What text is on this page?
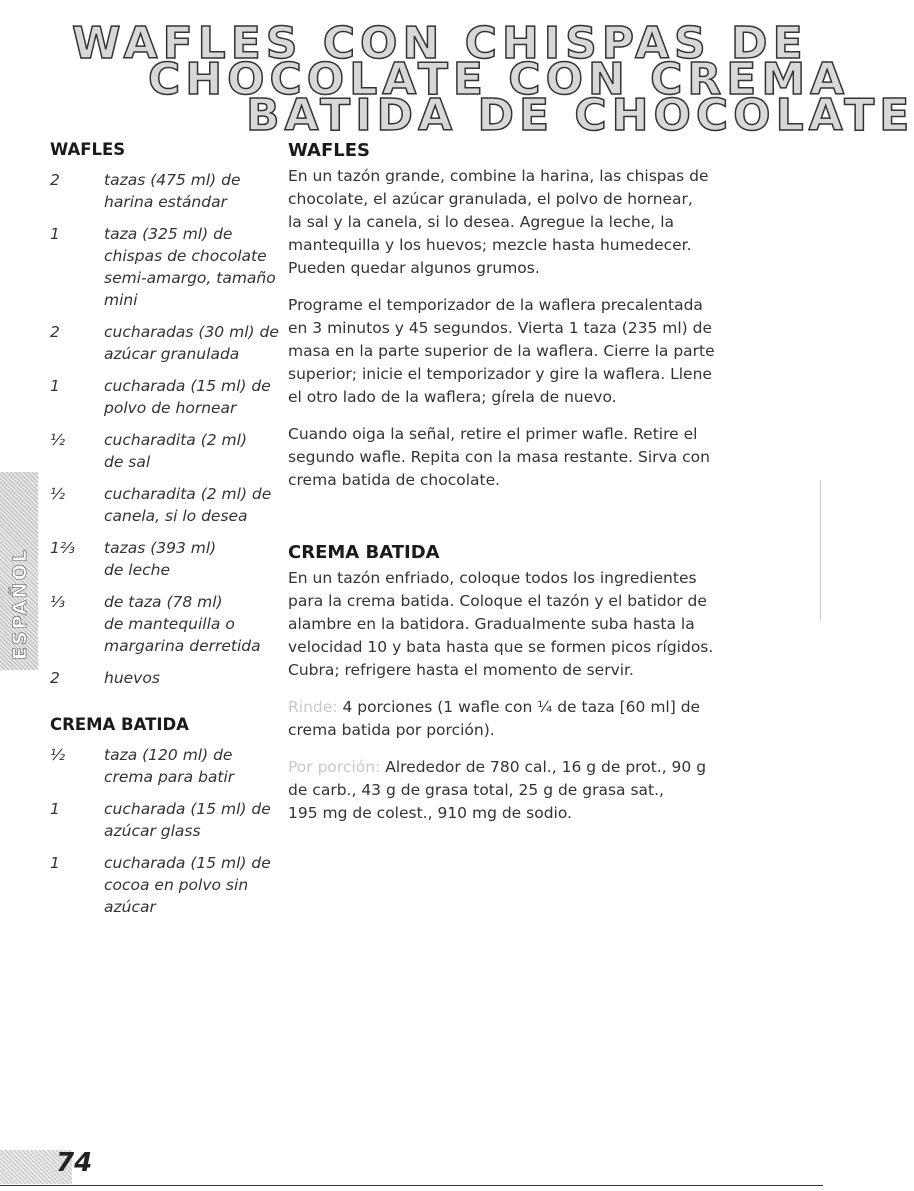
WAFLES CON CHISPAS DE
CHOCOLATE CON CREMA
BATIDA DE CHOCOLATE
ESPAÑOL
WAFLES
2	tazas (475 ml) de
harina estándar
1	taza (325 ml) de
chispas de chocolate
semi-amargo, tamaño
mini
2	cucharadas (30 ml) de
azúcar granulada
1	cucharada (15 ml) de
polvo de hornear
½	cucharadita (2 ml)
de sal
½	cucharadita (2 ml) de
canela, si lo desea
1⅔	tazas (393 ml)
de leche
⅓	de taza (78 ml)
de mantequilla o
margarina derretida
2	huevos
CREMA BATIDA
½	taza (120 ml) de
crema para batir
1	cucharada (15 ml) de
azúcar glass
1	cucharada (15 ml) de
cocoa en polvo sin
azúcar
WAFLES

En un tazón grande, combine la harina, las chispas de
chocolate, el azúcar granulada, el polvo de hornear,
la sal y la canela, si lo desea. Agregue la leche, la
mantequilla y los huevos; mezcle hasta humedecer.
Pueden quedar algunos grumos.

Programe el temporizador de la waflera precalentada
en 3 minutos y 45 segundos. Vierta 1 taza (235 ml) de
masa en la parte superior de la waflera. Cierre la parte
superior; inicie el temporizador y gire la waflera. Llene
el otro lado de la waflera; gírela de nuevo.

Cuando oiga la señal, retire el primer wafle. Retire el
segundo wafle. Repita con la masa restante. Sirva con
crema batida de chocolate.

CREMA BATIDA

En un tazón enfriado, coloque todos los ingredientes
para la crema batida. Coloque el tazón y el batidor de
alambre en la batidora. Gradualmente suba hasta la
velocidad 10 y bata hasta que se formen picos rígidos.
Cubra; refrigere hasta el momento de servir.

Rinde: 4 porciones (1 wafle con ¼ de taza [60 ml] de
crema batida por porción).

Por porción: Alrededor de 780 cal., 16 g de prot., 90 g
de carb., 43 g de grasa total, 25 g de grasa sat.,
195 mg de colest., 910 mg de sodio.

74
